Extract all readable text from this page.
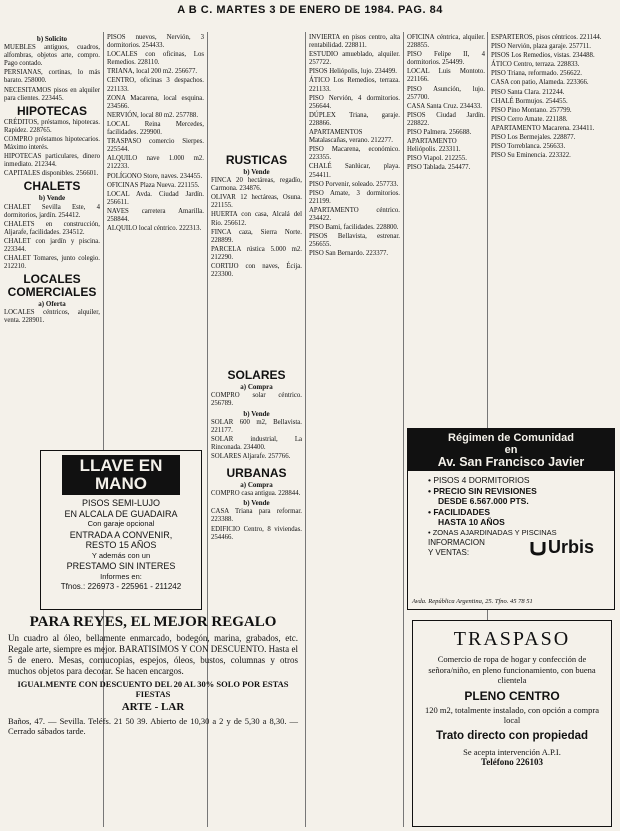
A B C. MARTES 3 DE ENERO DE 1984. PAG. 84
b) Solicito

MUEBLES antiguos, cuadros, alfombras, objetos arte, compro. Pago contado.

PERSIANAS, cortinas, lo más barato. 258000.

NECESITAMOS pisos en alquiler para clientes. 223445.

HIPOTECAS

CRÉDITOS, préstamos, hipotecas. Rapidez. 228765.

COMPRO préstamos hipotecarios. Máximo interés.

HIPOTECAS particulares, dinero inmediato. 212344.

CAPITALES disponibles. 256601.

CHALETS
b) Vende

CHALET Sevilla Este, 4 dormitorios, jardín. 254412.

CHALETS en construcción, Aljarafe, facilidades. 234512.

CHALET con jardín y piscina. 223344.

CHALET Tomares, junto colegio. 212210.

LOCALES COMERCIALES
a) Oferta

LOCALES céntricos, alquiler, venta. 228901.

LLAVE EN MANO
PISOS SEMI-LUJO
EN ALCALA DE GUADAIRA
Con garaje opcional
ENTRADA A CONVENIR,
RESTO 15 AÑOS
Y además con un
PRESTAMO SIN INTERES
Informes en:
Tfnos.: 226973 - 225961 - 211242

PISOS nuevos, Nervión, 3 dormitorios. 254433.

LOCALES con oficinas, Los Remedios. 228110.

TRIANA, local 200 m2. 256677.

CENTRO, oficinas 3 despachos. 221133.

ZONA Macarena, local esquina. 234566.

NERVIÓN, local 80 m2. 257788.

LOCAL Reina Mercedes, facilidades. 229900.

TRASPASO comercio Sierpes. 225544.

ALQUILO nave 1.000 m2. 212233.

POLÍGONO Store, naves. 234455.

OFICINAS Plaza Nueva. 221155.

LOCAL Avda. Ciudad Jardín. 256611.

NAVES carretera Amarilla. 258844.

ALQUILO local céntrico. 222313.

PARA REYES, EL MEJOR REGALO

Un cuadro al óleo, bellamente enmarcado, bodegón, marina, grabados, etc. Regale arte, siempre es mejor. BARATISIMOS Y CON DESCUENTO. Hasta el 5 de enero. Mesas, cornucopias, espejos, óleos, bustos, columnas y otros muchos objetos para decorar. Se hacen encargos.

IGUALMENTE CON DESCUENTO DEL 20 AL 30% SOLO POR ESTAS FIESTAS
ARTE - LAR

Baños, 47. — Sevilla. Teléfs. 21 50 39. Abierto de 10,30 a 2 y de 5,30 a 8,30. — Cerrado sábados tarde.

RUSTICAS
b) Vende

FINCA 20 hectáreas, regadío, Carmona. 234876.

OLIVAR 12 hectáreas, Osuna. 221155.

HUERTA con casa, Alcalá del Río. 256612.

FINCA caza, Sierra Norte. 228899.

PARCELA rústica 5.000 m2. 212290.

CORTIJO con naves, Écija. 223300.

SOLARES
a) Compra

COMPRO solar céntrico. 256789.

b) Vende

SOLAR 600 m2, Bellavista. 221177.

SOLAR industrial, La Rinconada. 234400.

SOLARES Aljarafe. 257766.

URBANAS
a) Compra

COMPRO casa antigua. 228844.

b) Vende

CASA Triana para reformar. 223388.

EDIFICIO Centro, 8 viviendas. 254466.

INVIERTA en pisos centro, alta rentabilidad. 228811.

ESTUDIO amueblado, alquiler. 257722.

PISOS Heliópolis, lujo. 234499.

ÁTICO Los Remedios, terraza. 221133.

PISO Nervión, 4 dormitorios. 256644.

DÚPLEX Triana, garaje. 228866.

APARTAMENTOS Matalascañas, verano. 212277.

PISO Macarena, económico. 223355.

CHALÉ Sanlúcar, playa. 254411.

PISO Porvenir, soleado. 257733.

PISO Amate, 3 dormitorios. 221199.

APARTAMENTO céntrico. 234422.

PISO Bami, facilidades. 228800.

PISOS Bellavista, estrenar. 256655.

PISO San Bernardo. 223377.

OFICINA céntrica, alquiler. 228855.

PISO Felipe II, 4 dormitorios. 254499.

LOCAL Luis Montoto. 221166.

PISO Asunción, lujo. 257700.

CASA Santa Cruz. 234433.

PISOS Ciudad Jardín. 228822.

PISO Palmera. 256688.

APARTAMENTO Heliópolis. 223311.

PISO Viapol. 212255.

PISO Tablada. 254477.

ESPARTEROS, pisos céntricos. 221144.

PISO Nervión, plaza garaje. 257711.

PISOS Los Remedios, vistas. 234488.

ÁTICO Centro, terraza. 228833.

PISO Triana, reformado. 256622.

CASA con patio, Alameda. 223366.

PISO Santa Clara. 212244.

CHALÉ Bormujos. 254455.

PISO Pino Montano. 257799.

PISO Cerro Amate. 221188.

APARTAMENTO Macarena. 234411.

PISO Los Bermejales. 228877.

PISO Torreblanca. 256633.

PISO Su Eminencia. 223322.

Régimen de Comunidad
en
Av. San Francisco Javier
• PISOS 4 DORMITORIOS
• PRECIO SIN REVISIONES
DESDE 6.567.000 PTS.
• FACILIDADES
HASTA 10 AÑOS
• ZONAS AJARDINADAS Y PISCINAS
INFORMACION
Y VENTAS:	Urbis
Avda. República Argentina, 25. Tfno. 45 78 51
TRASPASO
Comercio de ropa de hogar y confección de señora/niño, en pleno funcionamiento, con buena clientela
PLENO CENTRO
120 m2, totalmente instalado, con opción a compra local
Trato directo con propiedad
Se acepta intervención A.P.I.
Teléfono 226103
